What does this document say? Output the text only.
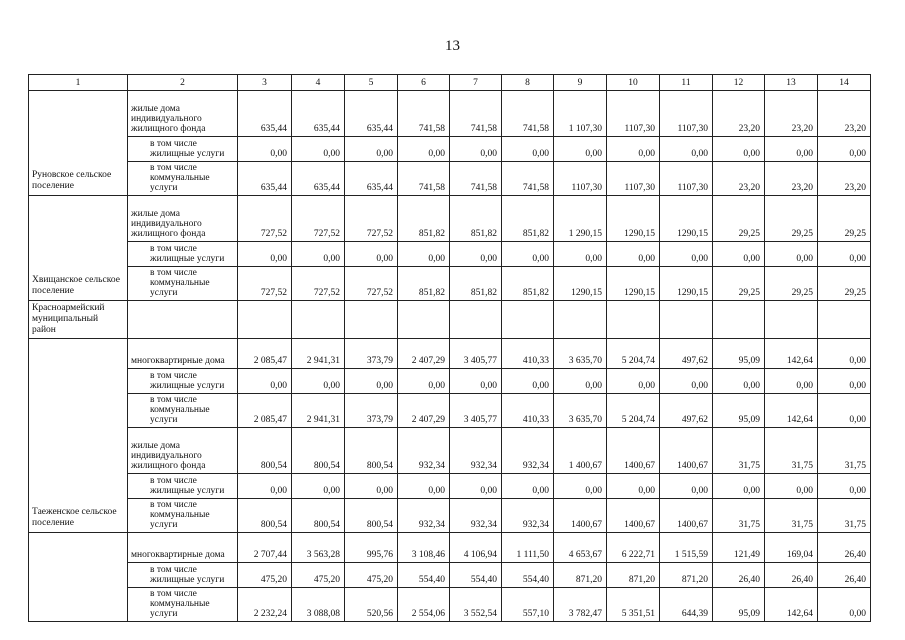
13
1	2	3	4	5	6	7	8	9	10	11	12	13	14
Руновское сельское поселение	жилые дома индивидуального жилищного фонда	635,44	635,44	635,44	741,58	741,58	741,58	1 107,30	1107,30	1107,30	23,20	23,20	23,20
	в том числе жилищные услуги	0,00	0,00	0,00	0,00	0,00	0,00	0,00	0,00	0,00	0,00	0,00	0,00
	в том числе коммунальные услуги	635,44	635,44	635,44	741,58	741,58	741,58	1107,30	1107,30	1107,30	23,20	23,20	23,20
Хвищанское сельское поселение	жилые дома индивидуального жилищного фонда	727,52	727,52	727,52	851,82	851,82	851,82	1 290,15	1290,15	1290,15	29,25	29,25	29,25
	в том числе жилищные услуги	0,00	0,00	0,00	0,00	0,00	0,00	0,00	0,00	0,00	0,00	0,00	0,00
	в том числе коммунальные услуги	727,52	727,52	727,52	851,82	851,82	851,82	1290,15	1290,15	1290,15	29,25	29,25	29,25
Красноармейский муниципальный район													
Таеженское сельское поселение	многоквартирные дома	2 085,47	2 941,31	373,79	2 407,29	3 405,77	410,33	3 635,70	5 204,74	497,62	95,09	142,64	0,00
	в том числе жилищные услуги	0,00	0,00	0,00	0,00	0,00	0,00	0,00	0,00	0,00	0,00	0,00	0,00
	в том числе коммунальные услуги	2 085,47	2 941,31	373,79	2 407,29	3 405,77	410,33	3 635,70	5 204,74	497,62	95,09	142,64	0,00
	жилые дома индивидуального жилищного фонда	800,54	800,54	800,54	932,34	932,34	932,34	1 400,67	1400,67	1400,67	31,75	31,75	31,75
	в том числе жилищные услуги	0,00	0,00	0,00	0,00	0,00	0,00	0,00	0,00	0,00	0,00	0,00	0,00
	в том числе коммунальные услуги	800,54	800,54	800,54	932,34	932,34	932,34	1400,67	1400,67	1400,67	31,75	31,75	31,75
	многоквартирные дома	2 707,44	3 563,28	995,76	3 108,46	4 106,94	1 111,50	4 653,67	6 222,71	1 515,59	121,49	169,04	26,40
	в том числе жилищные услуги	475,20	475,20	475,20	554,40	554,40	554,40	871,20	871,20	871,20	26,40	26,40	26,40
	в том числе коммунальные услуги	2 232,24	3 088,08	520,56	2 554,06	3 552,54	557,10	3 782,47	5 351,51	644,39	95,09	142,64	0,00
